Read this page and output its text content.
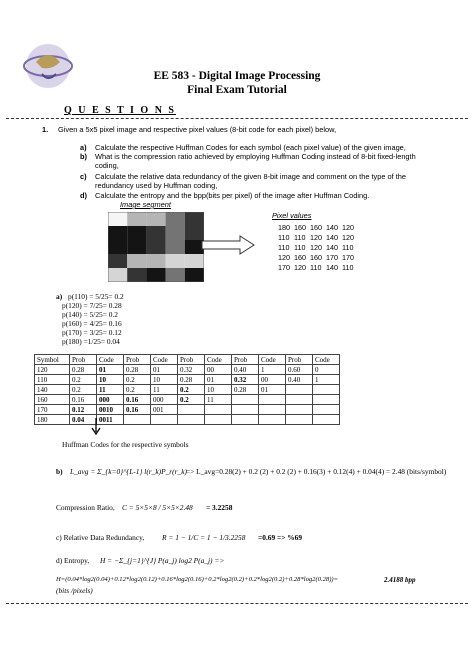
EE 583 - Digital Image Processing
Final Exam Tutorial
Q U E S T I O N S
1. Given a 5x5 pixel image and respective pixel values (8-bit code for each pixel) below,
a) Calculate the respective Huffman Codes for each symbol (each pixel value) of the given image,
b) What is the compression ratio achieved by employing Huffman Coding instead of 8-bit fixed-length coding,
c) Calculate the relative data redundancy of the given 8-bit image and comment on the type of the redundancy used by Huffman coding,
d) Calculate the entropy and the bpp(bits per pixel) of the image after Huffman Coding.
Image segment
Pixel values
180 160 160 140 120
110 110 120 140 120
110 110 120 140 110
120 160 160 170 170
170 120 110 140 110
a) p(110) = 5/25= 0.2
p(120) = 7/25= 0.28
p(140) = 5/25= 0.2
p(160) = 4/25= 0.16
p(170) = 3/25= 0.12
p(180) =1/25= 0.04
Symbol	Prob	Code	Prob	Code	Prob	Code	Prob	Code	Prob	Code
120	0.28	01	0.28	01	0.32	00	0.40	1	0.60	0
110	0.2	10	0.2	10	0.28	01	0.32	00	0.40	1
140	0.2	11	0.2	11	0.2	10	0.28	01		
160	0.16	000	0.16	000	0.2	11				
170	0.12	0010	0.16	001						
180	0.04	0011								
Huffman Codes for the respective symbols
b) L_avg = Σ_{k=0}^{L-1} l(r_k)P_r(r_k) => L_avg=0.28(2) + 0.2 (2) + 0.2 (2) + 0.16(3) + 0.12(4) + 0.04(4) = 2.48 (bits/symbol)
Compression Ratio, C = 5×5×8 / 5×5×2.48 = 3.2258
c) Relative Data Redundancy, R = 1 − 1/C = 1 − 1/3.2258 =0.69 => %69
d) Entropy, H = −Σ_{j=1}^{J} P(a_j) log2 P(a_j) =>
H=(0.04*log2(0.04)+0.12*log2(0.12)+0.16*log2(0.16)+0.2*log2(0.2)+0.2*log2(0.2)+0.28*log2(0.28))=	2.4188 bpp
(bits /pixels)
